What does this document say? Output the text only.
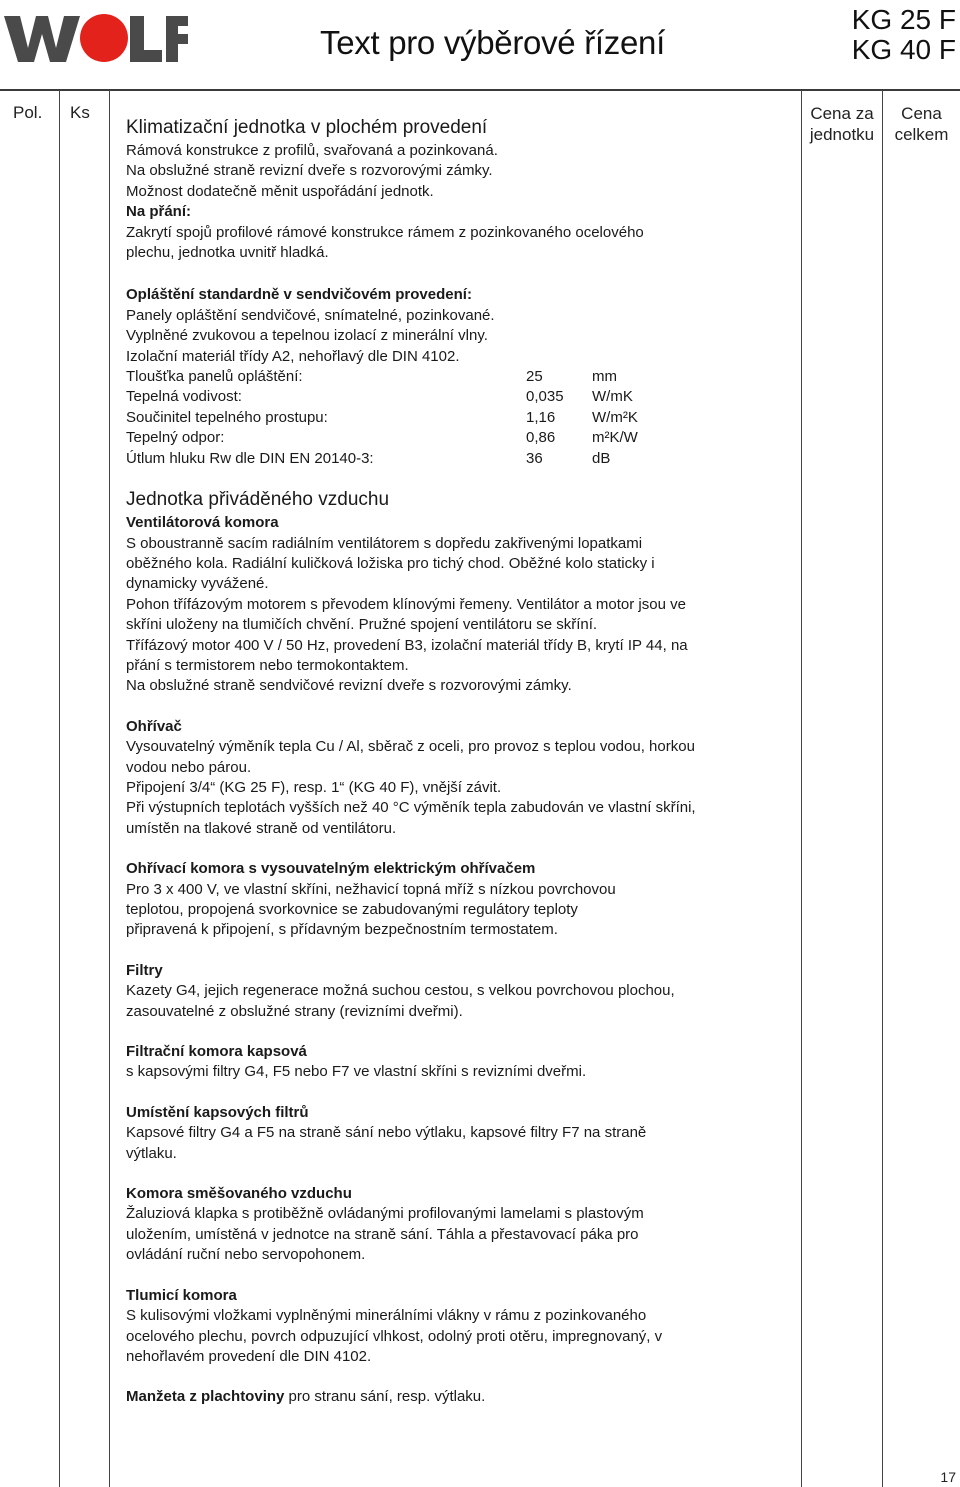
Text pro výběrové řízení
KG 25 F
KG 40 F
Pol. Ks	Cena za
jednotku
Cena
celkem

Klimatizační jednotka v plochém provedení

Rámová konstrukce z profilů, svařovaná a pozinkovaná.

Na obslužné straně revizní dveře s rozvorovými zámky.

Možnost dodatečně měnit uspořádání jednotk.

Na přání:

Zakrytí spojů profilové rámové konstrukce rámem z pozinkovaného ocelového

plechu, jednotka uvnitř hladká.

Opláštění standardně v sendvičovém provedení:

Panely opláštění sendvičové, snímatelné, pozinkované.

Vyplněné zvukovou a tepelnou izolací z minerální vlny.

Izolační materiál třídy A2, nehořlavý dle DIN 4102.

Tloušťka panelů opláštění:	25	mm
Tepelná vodivost:	0,035	W/mK
Součinitel tepelného prostupu:	1,16	W/m²K
Tepelný odpor:	0,86	m²K/W
Útlum hluku Rw dle DIN EN 20140-3:	36	dB

Jednotka přiváděného vzduchu

Ventilátorová komora

S oboustranně sacím radiálním ventilátorem s dopředu zakřivenými lopatkami

oběžného kola. Radiální kuličková ložiska pro tichý chod. Oběžné kolo staticky i

dynamicky vyvážené.

Pohon třífázovým motorem s převodem klínovými řemeny. Ventilátor a motor jsou ve

skříni uloženy na tlumičích chvění. Pružné spojení ventilátoru se skříní.

Třífázový motor 400 V / 50 Hz, provedení B3, izolační materiál třídy B, krytí IP 44, na

přání s termistorem nebo termokontaktem.

Na obslužné straně sendvičové revizní dveře s rozvorovými zámky.

Ohřívač

Vysouvatelný výměník tepla Cu / Al, sběrač z oceli, pro provoz s teplou vodou, horkou

vodou nebo párou.

Připojení 3/4“ (KG 25 F), resp. 1“ (KG 40 F), vnější závit.

Při výstupních teplotách vyšších než 40 °C výměník tepla zabudován ve vlastní skříni,

umístěn na tlakové straně od ventilátoru.

Ohřívací komora s vysouvatelným elektrickým ohřívačem

Pro 3 x 400 V, ve vlastní skříni, nežhavicí topná mříž s nízkou povrchovou

teplotou, propojená svorkovnice se zabudovanými regulátory teploty

připravená k připojení, s přídavným bezpečnostním termostatem.

Filtry

Kazety G4, jejich regenerace možná suchou cestou, s velkou povrchovou plochou,

zasouvatelné z obslužné strany (revizními dveřmi).

Filtrační komora kapsová

s kapsovými filtry G4, F5 nebo F7 ve vlastní skříni s revizními dveřmi.

Umístění kapsových filtrů

Kapsové filtry G4 a F5 na straně sání nebo výtlaku, kapsové filtry F7 na straně

výtlaku.

Komora směšovaného vzduchu

Žaluziová klapka s protiběžně ovládanými profilovanými lamelami s plastovým

uložením, umístěná v jednotce na straně sání. Táhla a přestavovací páka pro

ovládání ruční nebo servopohonem.

Tlumicí komora

S kulisovými vložkami vyplněnými minerálními vlákny v rámu z pozinkovaného

ocelového plechu, povrch odpuzující vlhkost, odolný proti otěru, impregnovaný, v

nehořlavém provedení dle DIN 4102.

Manžeta z plachtoviny pro stranu sání, resp. výtlaku.

17
